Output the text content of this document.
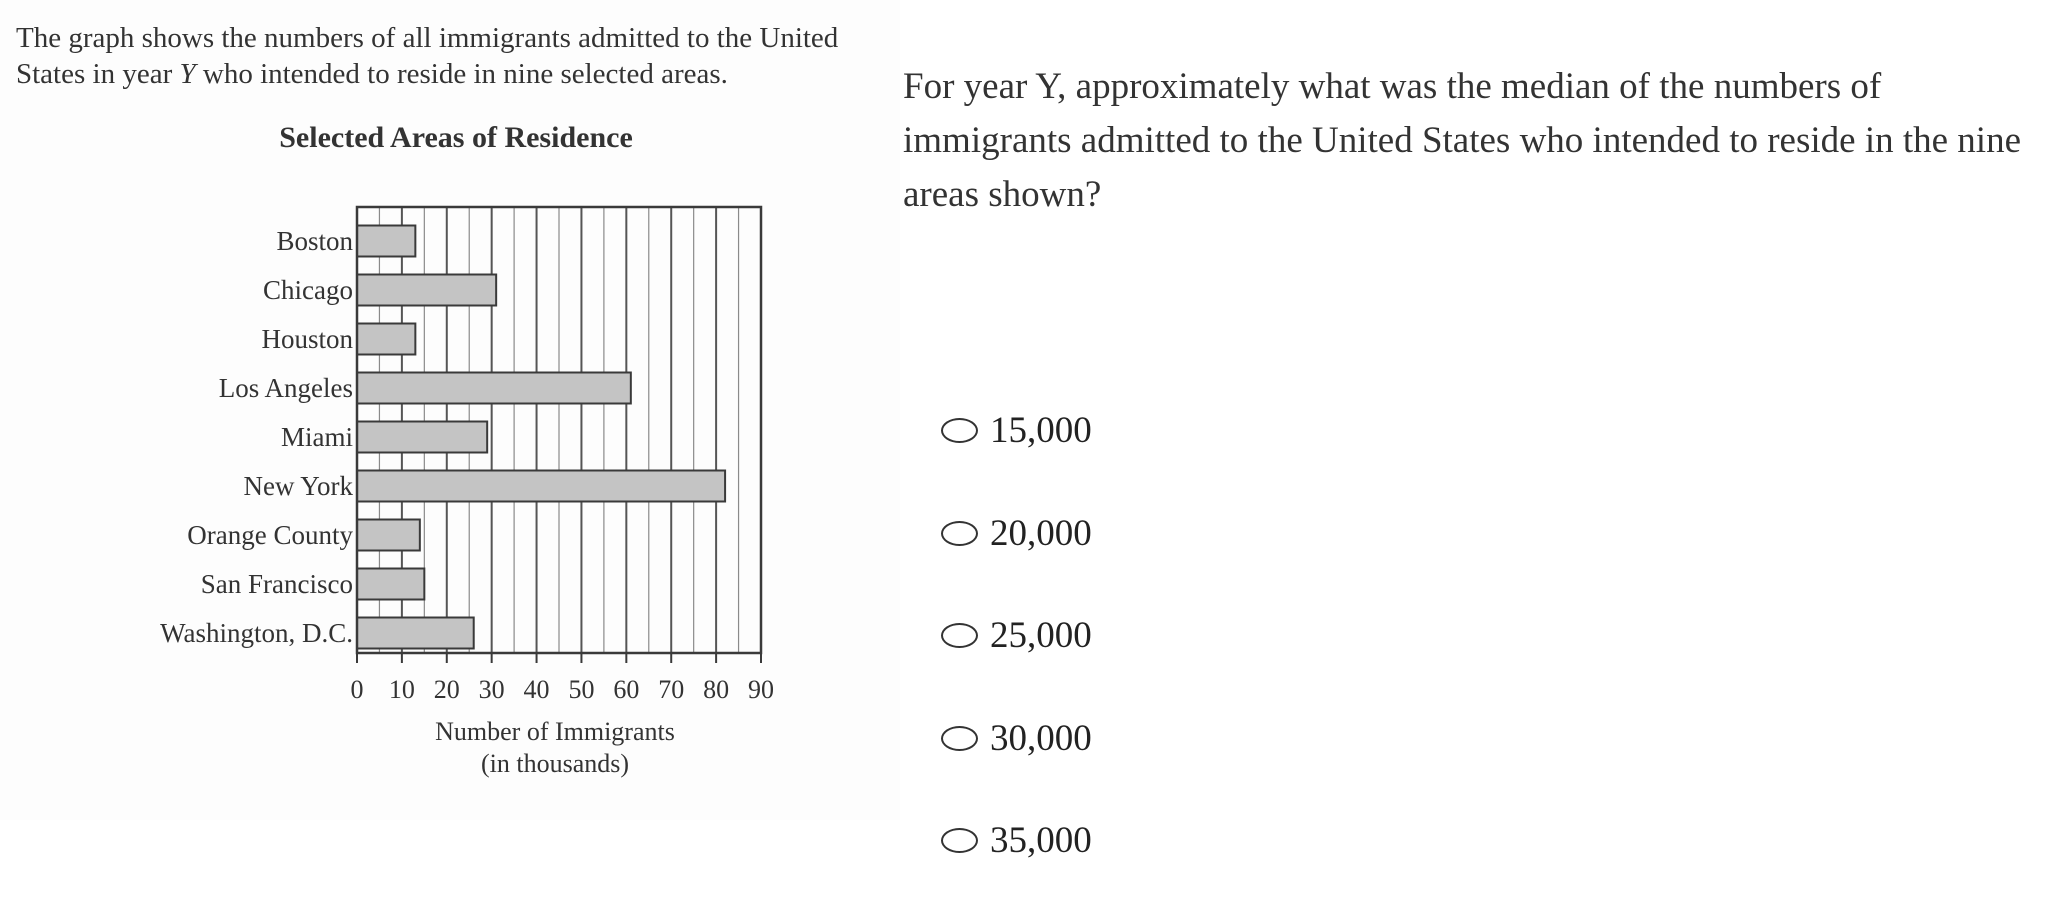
The graph shows the numbers of all immigrants admitted to the United
States in year Y who intended to reside in nine selected areas.

Selected Areas of Residence
Boston
Chicago
Houston
Los Angeles
Miami
New York
Orange County
San Francisco
Washington, D.C.
0 10 20 30 40 50 60 70 80 90
Number of Immigrants
(in thousands)

For year Y, approximately what was the median of the numbers of immigrants admitted to the United States who intended to reside in the nine areas shown?

15,000
20,000
25,000
30,000
35,000
